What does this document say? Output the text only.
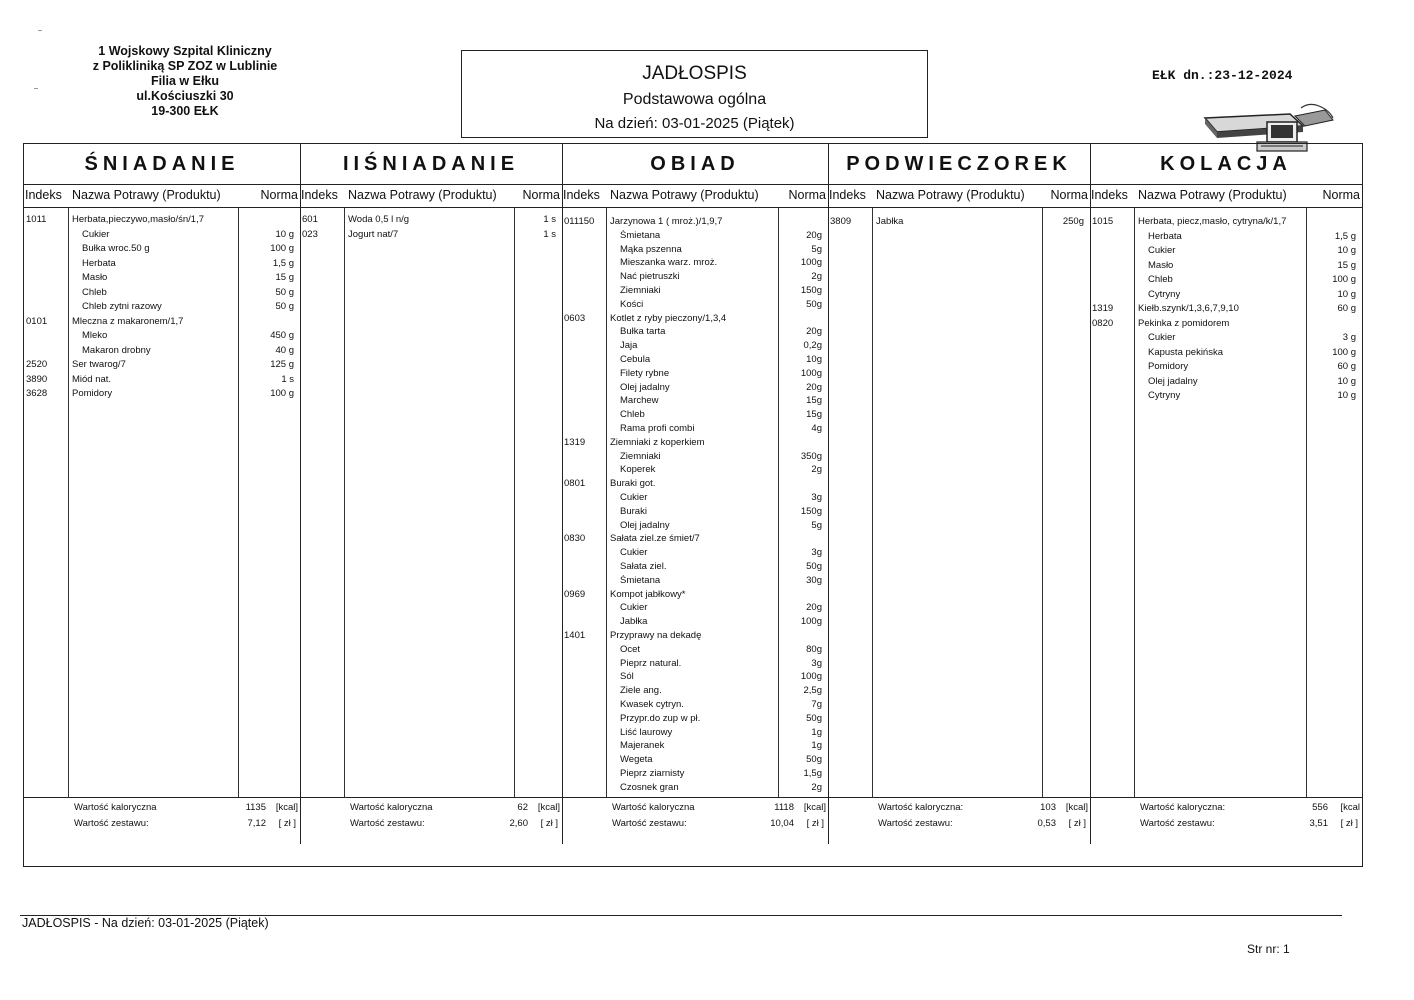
1 Wojskowy Szpital Kliniczny
z Polikliniką SP ZOZ w Lublinie
Filia w Ełku
ul.Kościuszki 30
19-300 EŁK
JADŁOSPIS
Podstawowa ogólna
Na dzień: 03-01-2025 (Piątek)
EŁK dn.:23-12-2024
ŚNIADANIE
Indeks Nazwa Potrawy (Produktu)	Norma
1011	Herbata,pieczywo,masło/śn/1,7
Cukier	10 g
Bułka wroc.50 g	100 g
Herbata	1,5 g
Masło	15 g
Chleb	50 g
Chleb zytni razowy	50 g
0101	Mleczna z makaronem/1,7
Mleko	450 g
Makaron drobny	40 g
2520	Ser twarog/7	125 g
3890	Miód nat.	1 s
3628	Pomidory	100 g
Wartość kaloryczna	1135 [kcal]
Wartość zestawu:	7,12 [ zł ]
IIŚNIADANIE
Indeks Nazwa Potrawy (Produktu) Norma
601	Woda 0,5 l n/g	1 s
023	Jogurt nat/7	1 s
Wartość kaloryczna	62 [kcal]
Wartość zestawu:	2,60 [ zł ]
OBIAD
Indeks Nazwa Potrawy (Produktu) Norma
011150	Jarzynowa 1 ( mroż.)/1,9,7
Śmietana	20g
Mąka pszenna	5g
Mieszanka warz. mroż.	100g
Nać pietruszki	2g
Ziemniaki	150g
Kości	50g
0603	Kotlet z ryby pieczony/1,3,4
Bułka tarta	20g
Jaja	0,2g
Cebula	10g
Filety rybne	100g
Olej jadalny	20g
Marchew	15g
Chleb	15g
Rama profi combi	4g
1319	Ziemniaki z koperkiem
Ziemniaki	350g
Koperek	2g
0801	Buraki got.
Cukier	3g
Buraki	150g
Olej jadalny	5g
0830	Sałata ziel.ze śmiet/7
Cukier	3g
Sałata ziel.	50g
Śmietana	30g
0969	Kompot jabłkowy*
Cukier	20g
Jabłka	100g
1401	Przyprawy na dekadę
Ocet	80g
Pieprz natural.	3g
Sól	100g
Ziele ang.	2,5g
Kwasek cytryn.	7g
Przypr.do zup w pł.	50g
Liść laurowy	1g
Majeranek	1g
Wegeta	50g
Pieprz ziarnisty	1,5g
Czosnek gran	2g
Wartość kaloryczna	1118 [kcal]
Wartość zestawu:	10,04 [ zł ]
PODWIECZOREK
Indeks Nazwa Potrawy (Produktu) Norma
3809	Jabłka	250g
Wartość kaloryczna:	103 [kcal]
Wartość zestawu:	0,53 [ zł ]
KOLACJA
Indeks Nazwa Potrawy (Produktu)	Norma
1015	Herbata, piecz,masło, cytryna/k/1,7
Herbata	1,5 g
Cukier	10 g
Masło	15 g
Chleb	100 g
Cytryny	10 g
1319	Kiełb.szynk/1,3,6,7,9,10	60 g
0820	Pekinka z pomidorem
Cukier	3 g
Kapusta pekińska	100 g
Pomidory	60 g
Olej jadalny	10 g
Cytryny	10 g
Wartość kaloryczna:	556 [kcal
Wartość zestawu:	3,51 [ zł ]
JADŁOSPIS - Na dzień: 03-01-2025 (Piątek)
Str nr: 1
